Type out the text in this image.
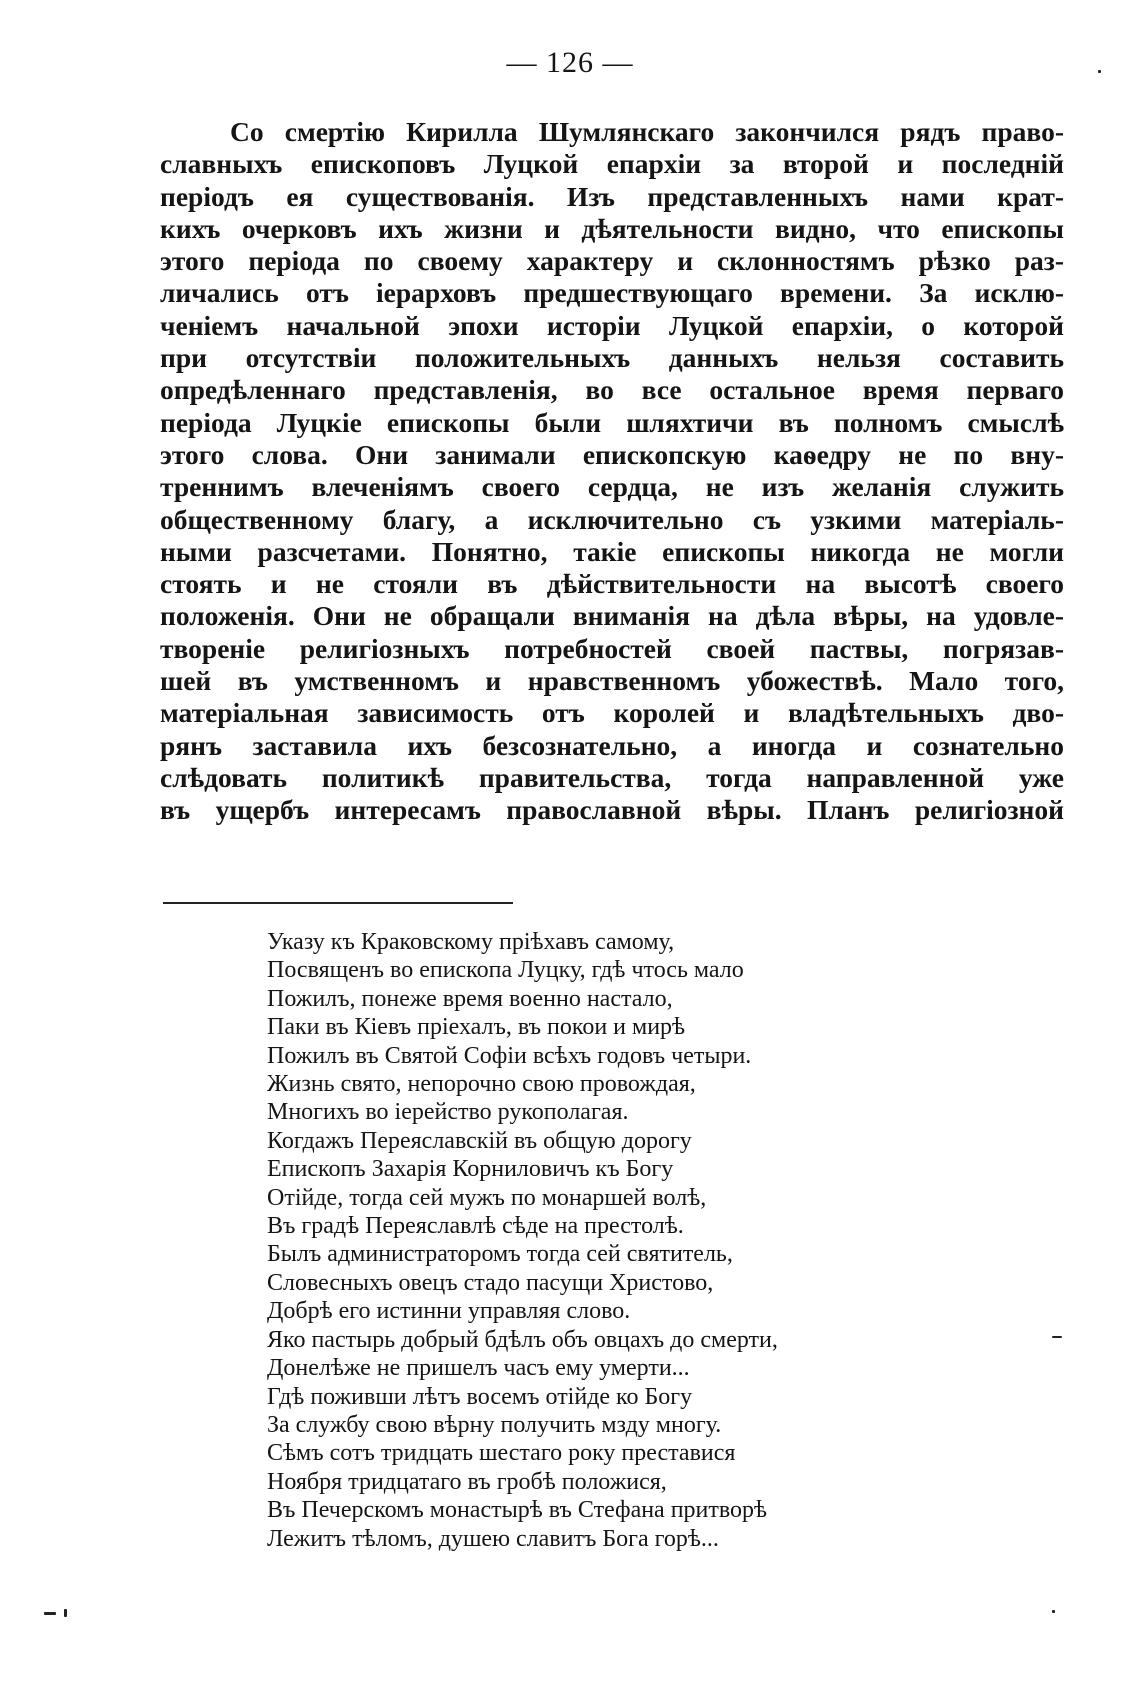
— 126 —
Со смертію Кирилла Шумлянскаго закончился рядъ право-
славныхъ епископовъ Луцкой епархіи за второй и последній
періодъ ея существованія. Изъ представленныхъ нами крат-
кихъ очерковъ ихъ жизни и дѣятельности видно, что епископы
этого періода по своему характеру и склонностямъ рѣзко раз-
личались отъ іерарховъ предшествующаго времени. За исклю-
ченіемъ начальной эпохи исторіи Луцкой епархіи, о которой
при отсутствіи положительныхъ данныхъ нельзя составить
опредѣленнаго представленія, во все остальное время перваго
періода Луцкіе епископы были шляхтичи въ полномъ смыслѣ
этого слова. Они занимали епископскую каѳедру не по вну-
треннимъ влеченіямъ своего сердца, не изъ желанія служить
общественному благу, а исключительно съ узкими матеріаль-
ными разсчетами. Понятно, такіе епископы никогда не могли
стоять и не стояли въ дѣйствительности на высотѣ своего
положенія. Они не обращали вниманія на дѣла вѣры, на удовле-
твореніе религіозныхъ потребностей своей паствы, погрязав-
шей въ умственномъ и нравственномъ убожествѣ. Мало того,
матеріальная зависимость отъ королей и владѣтельныхъ дво-
рянъ заставила ихъ безсознательно, а иногда и сознательно
слѣдовать политикѣ правительства, тогда направленной уже
въ ущербъ интересамъ православной вѣры. Планъ религіозной
Указу къ Краковскому пріѣхавъ самому,
Посвященъ во епископа Луцку, гдѣ чтось мало
Пожилъ, понеже время военно настало,
Паки въ Кіевъ пріехалъ, въ покои и мирѣ
Пожилъ въ Святой Софіи всѣхъ годовъ четыри.
Жизнь свято, непорочно свою провождая,
Многихъ во іерейство рукополагая.
Когдажъ Переяславскій въ общую дорогу
Епископъ Захарія Корниловичъ къ Богу
Отійде, тогда сей мужъ по монаршей волѣ,
Въ градѣ Переяславлѣ сѣде на престолѣ.
Былъ администраторомъ тогда сей святитель,
Словесныхъ овецъ стадо пасущи Христово,
Добрѣ его истинни управляя слово.
Яко пастырь добрый бдѣлъ объ овцахъ до смерти,
Донелѣже не пришелъ часъ ему умерти...
Гдѣ поживши лѣтъ восемъ отійде ко Богу
За службу свою вѣрну получить мзду многу.
Сѣмъ сотъ тридцать шестаго року преставися
Ноября тридцатаго въ гробѣ положися,
Въ Печерскомъ монастырѣ въ Стефана притворѣ
Лежитъ тѣломъ, душею славитъ Бога горѣ...
